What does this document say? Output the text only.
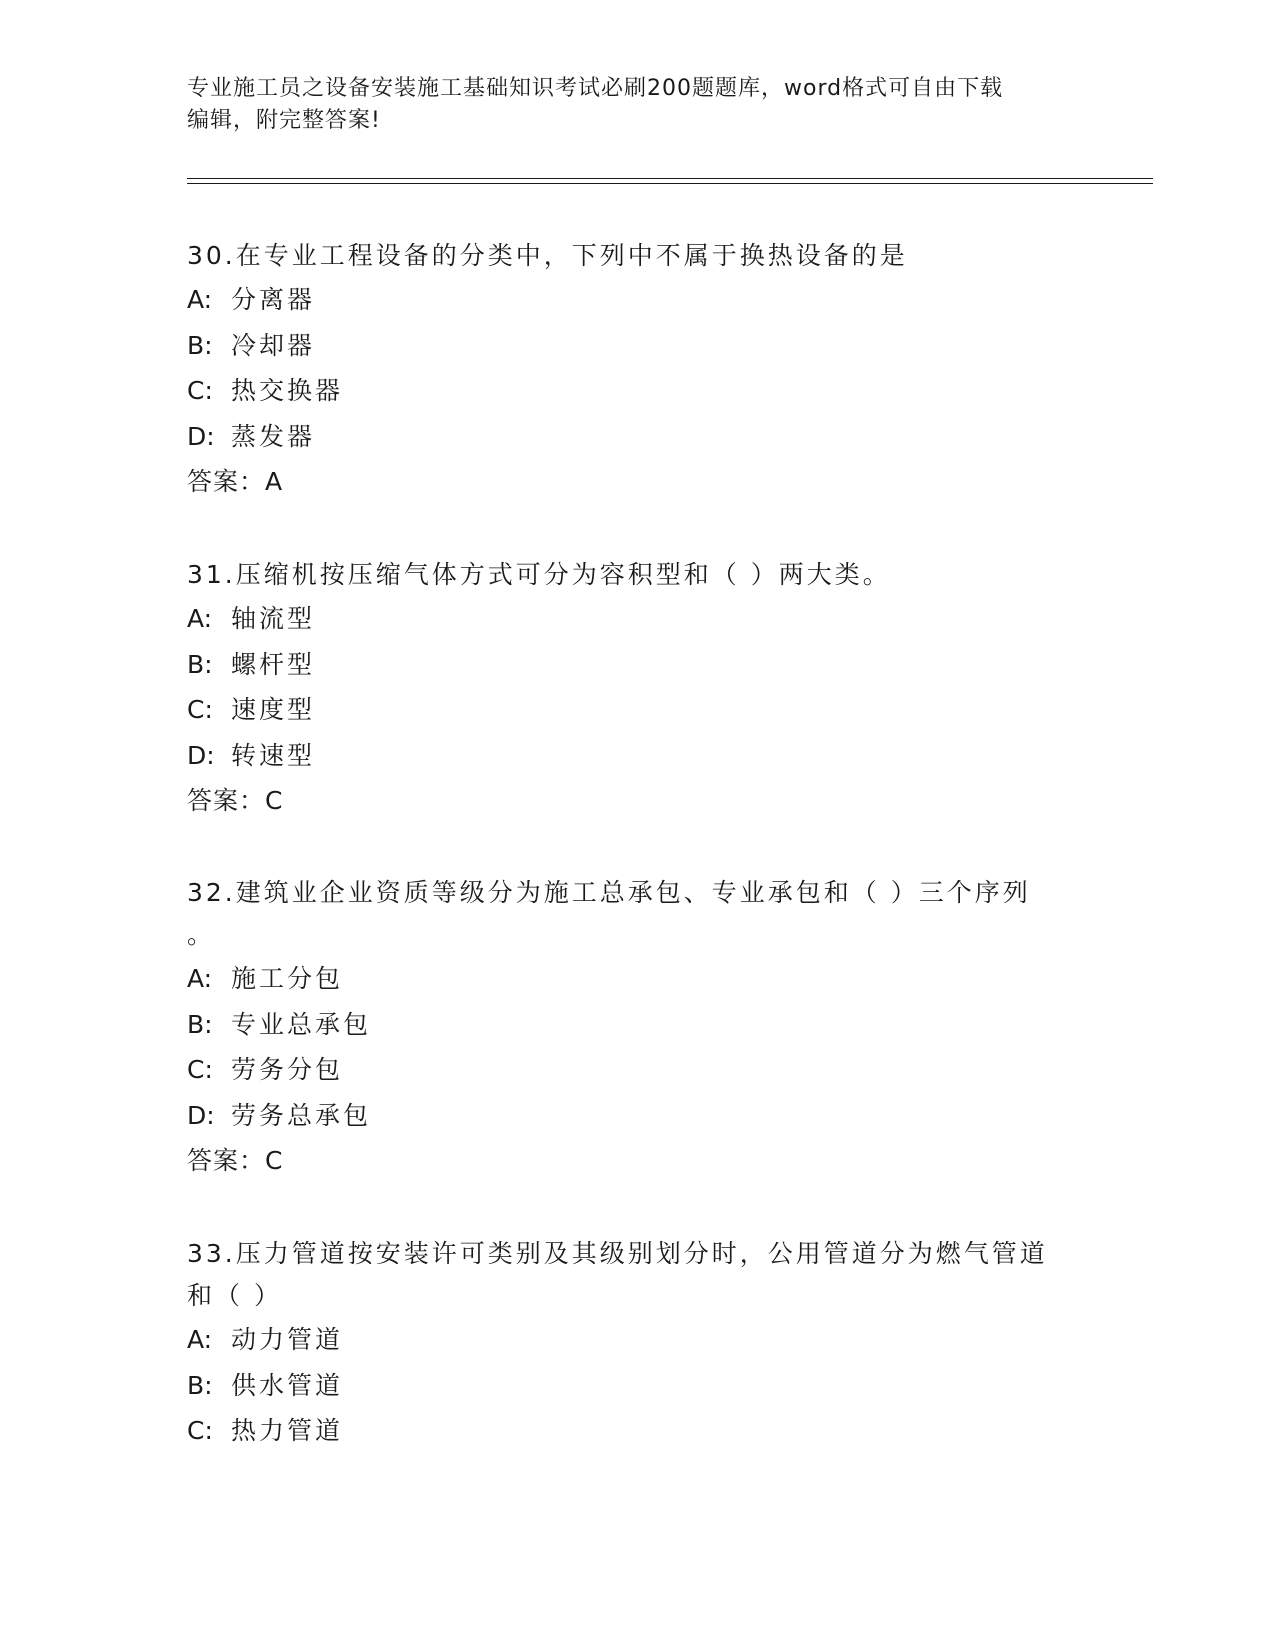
专业施工员之设备安装施工基础知识考试必刷200题题库，word格式可自由下载
编辑，附完整答案!

30.在专业工程设备的分类中，下列中不属于换热设备的是

A: 分离器

B: 冷却器

C: 热交换器

D: 蒸发器

答案：A

31.压缩机按压缩气体方式可分为容积型和（ ）两大类。

A: 轴流型

B: 螺杆型

C: 速度型

D: 转速型

答案：C

32.建筑业企业资质等级分为施工总承包、专业承包和（ ）三个序列

。

A: 施工分包

B: 专业总承包

C: 劳务分包

D: 劳务总承包

答案：C

33.压力管道按安装许可类别及其级别划分时，公用管道分为燃气管道

和（ ）

A: 动力管道

B: 供水管道

C: 热力管道
